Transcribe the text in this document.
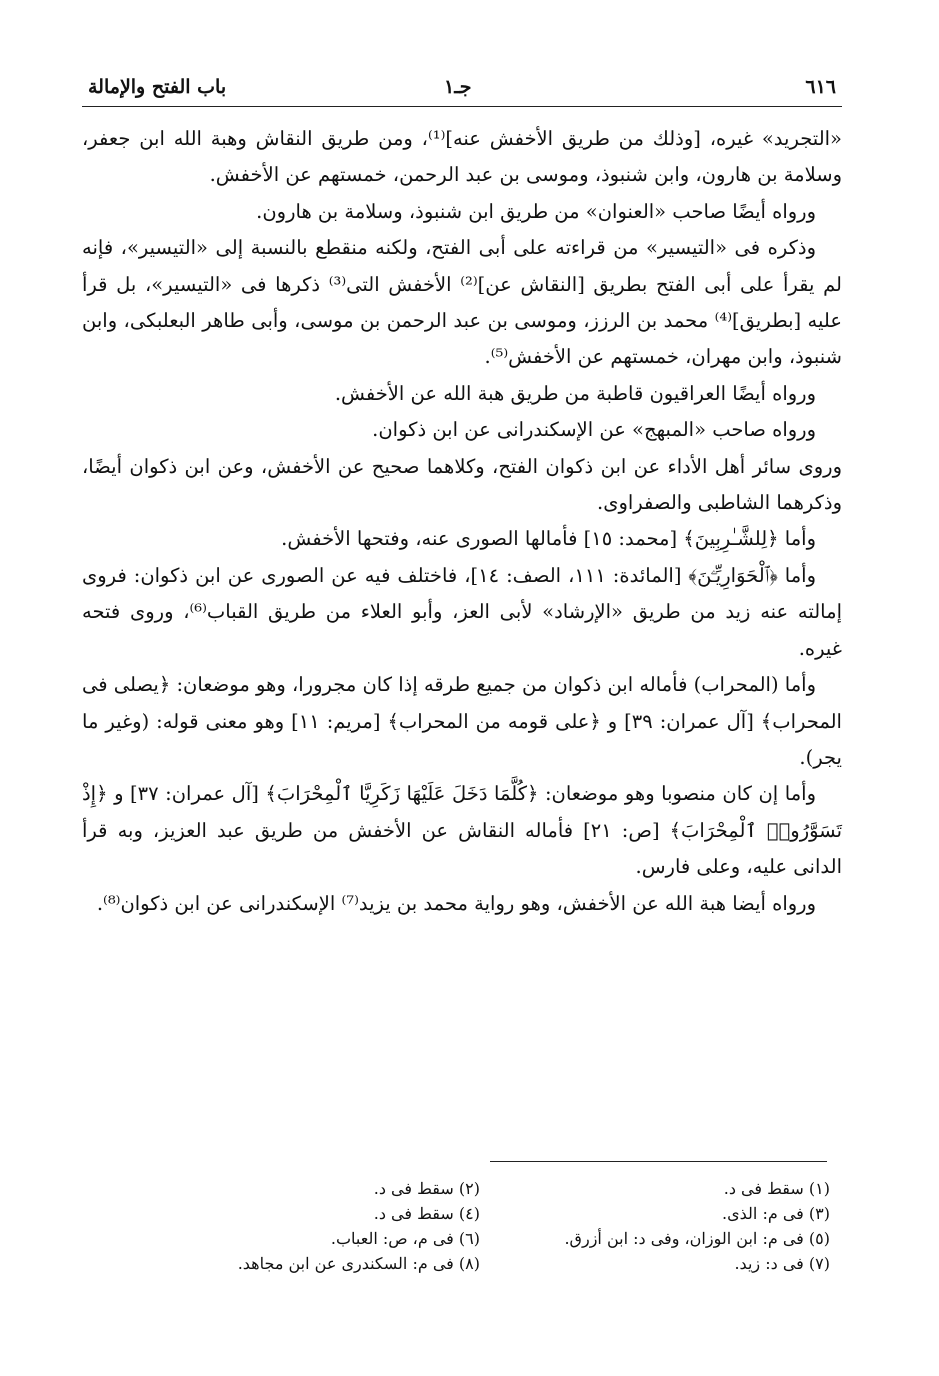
٦١٦
جـ١
باب الفتح والإمالة

«التجريد» غيره، [وذلك من طريق الأخفش عنه]⁽¹⁾، ومن طريق النقاش وهبة الله ابن جعفر، وسلامة بن هارون، وابن شنبوذ، وموسى بن عبد الرحمن، خمستهم عن الأخفش.

ورواه أيضًا صاحب «العنوان» من طريق ابن شنبوذ، وسلامة بن هارون.

وذكره فى «التيسير» من قراءته على أبى الفتح، ولكنه منقطع بالنسبة إلى «التيسير»، فإنه لم يقرأ على أبى الفتح بطريق [النقاش عن]⁽²⁾ الأخفش التى⁽³⁾ ذكرها فى «التيسير»، بل قرأ عليه [بطريق]⁽⁴⁾ محمد بن الرزز، وموسى بن عبد الرحمن بن موسى، وأبى طاهر البعلبكى، وابن شنبوذ، وابن مهران، خمستهم عن الأخفش⁽⁵⁾.

ورواه أيضًا العراقيون قاطبة من طريق هبة الله عن الأخفش.

ورواه صاحب «المبهج» عن الإسكندرانى عن ابن ذكوان.

وروى سائر أهل الأداء عن ابن ذكوان الفتح، وكلاهما صحيح عن الأخفش، وعن ابن ذكوان أيضًا، وذكرهما الشاطبى والصفراوى.

وأما ﴿لِلشَّـٰرِبِينَ﴾ [محمد: ١٥] فأمالها الصورى عنه، وفتحها الأخفش.

وأما ﴿ٱلْحَوَارِيِّـۧنَ﴾ [المائدة: ١١١، الصف: ١٤]، فاختلف فيه عن الصورى عن ابن ذكوان: فروى إمالته عنه زيد من طريق «الإرشاد» لأبى العز، وأبو العلاء من طريق القباب⁽⁶⁾، وروى فتحه غيره.

وأما (المحراب) فأماله ابن ذكوان من جميع طرقه إذا كان مجرورا، وهو موضعان: ﴿يصلى فى المحراب﴾ [آل عمران: ٣٩] و ﴿على قومه من المحراب﴾ [مريم: ١١] وهو معنى قوله: (وغير ما يجر).

وأما إن كان منصوبا وهو موضعان: ﴿كُلَّمَا دَخَلَ عَلَيْهَا زَكَرِيَّا ٱلْمِحْرَابَ﴾ [آل عمران: ٣٧] و ﴿إِذْ تَسَوَّرُوا۟ ٱلْمِحْرَابَ﴾ [ص: ٢١] فأماله النقاش عن الأخفش من طريق عبد العزيز، وبه قرأ الدانى عليه، وعلى فارس.

ورواه أيضا هبة الله عن الأخفش، وهو رواية محمد بن يزيد⁽⁷⁾ الإسكندرانى عن ابن ذكوان⁽⁸⁾.

(١) سقط فى د.
(٢) سقط فى د.
(٣) فى م: الذى.
(٤) سقط فى د.
(٥) فى م: ابن الوزان، وفى د: ابن أزرق.
(٦) فى م، ص: العباب.
(٧) فى د: زيد.
(٨) فى م: السكندرى عن ابن مجاهد.
